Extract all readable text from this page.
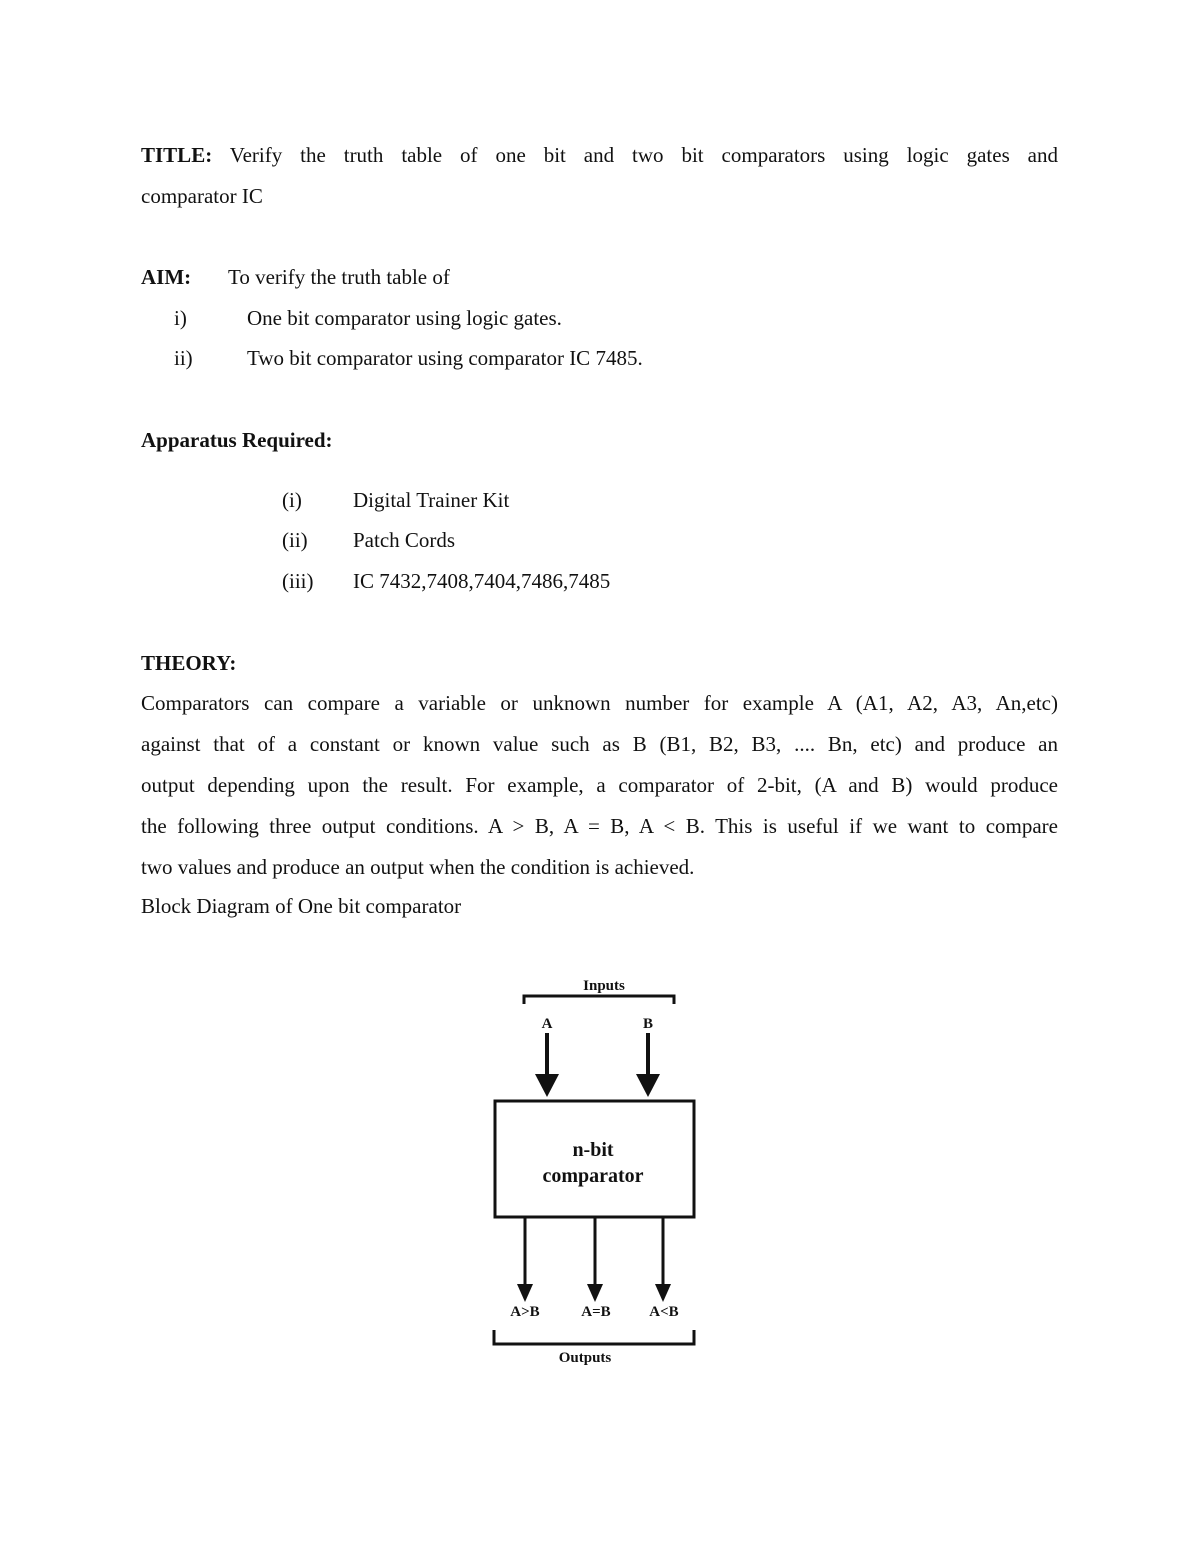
TITLE: Verify the truth table of one bit and two bit comparators using logic gates and
comparator IC
AIM: To verify the truth table of
i)	One bit comparator using logic gates.
ii)	Two bit comparator using comparator IC 7485.
Apparatus Required:
(i) Digital Trainer Kit
(ii) Patch Cords
(iii) IC 7432,7408,7404,7486,7485
THEORY:
Comparators can compare a variable or unknown number for example A (A1, A2, A3, An,etc)
against that of a constant or known value such as B (B1, B2, B3, .... Bn, etc) and produce an
output depending upon the result. For example, a comparator of 2-bit, (A and B) would produce
the following three output conditions. A > B, A = B, A < B. This is useful if we want to compare
two values and produce an output when the condition is achieved.
Block Diagram of One bit comparator
Inputs
A	B
n-bit
comparator
A>B	A=B	A<B
Outputs
